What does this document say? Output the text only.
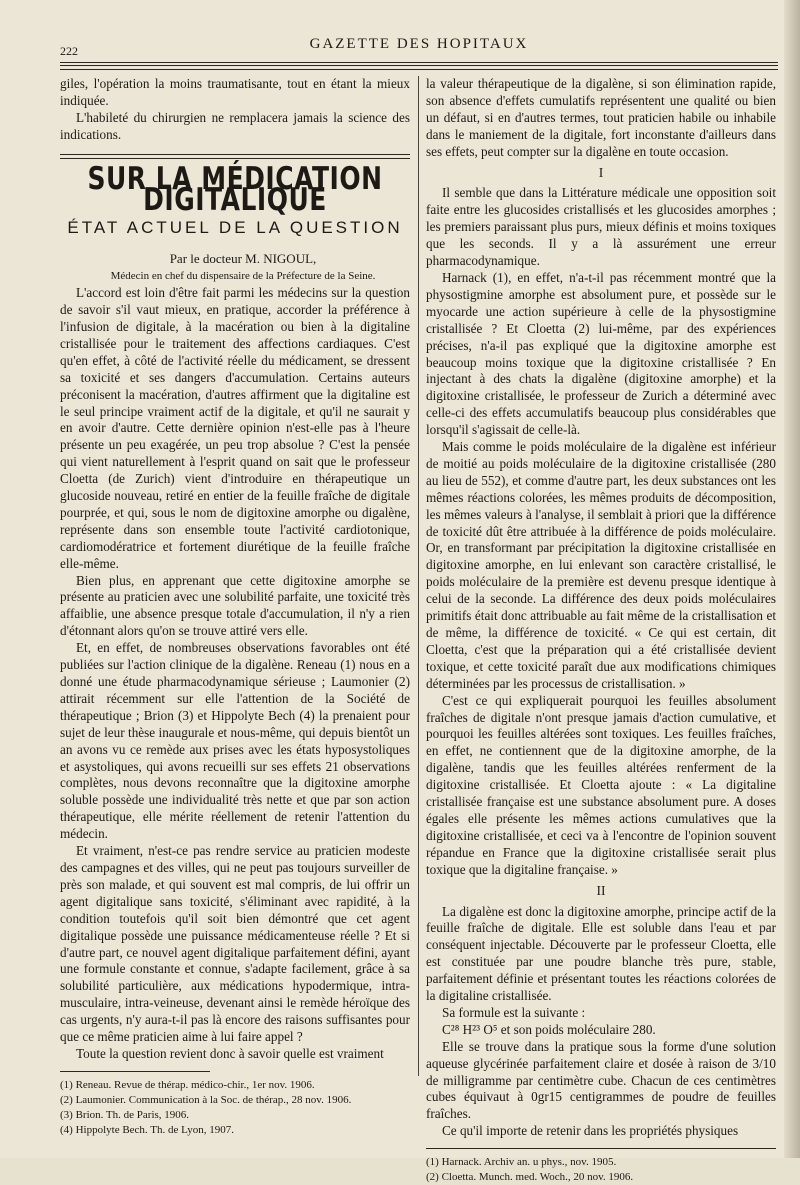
222	GAZETTE DES HOPITAUX

giles, l'opération la moins traumatisante, tout en étant la mieux indiquée.

L'habileté du chirurgien ne remplacera jamais la science des indications.

SUR LA MÉDICATION DIGITALIQUE
ÉTAT ACTUEL DE LA QUESTION

Par le docteur M. NIGOUL,

Médecin en chef du dispensaire de la Préfecture de la Seine.

L'accord est loin d'être fait parmi les médecins sur la question de savoir s'il vaut mieux, en pratique, accorder la préférence à l'infusion de digitale, à la macération ou bien à la digitaline cristallisée pour le traitement des affections cardiaques. C'est qu'en effet, à côté de l'activité réelle du médicament, se dressent sa toxicité et ses dangers d'accumulation. Certains auteurs préconisent la macération, d'autres affirment que la digitaline est le seul principe vraiment actif de la digitale, et qu'il ne saurait y en avoir d'autre. Cette dernière opinion n'est-elle pas à l'heure présente un peu exagérée, un peu trop absolue ? C'est la pensée qui vient naturellement à l'esprit quand on sait que le professeur Cloetta (de Zurich) vient d'introduire en thérapeutique un glucoside nouveau, retiré en entier de la feuille fraîche de digitale pourprée, et qui, sous le nom de digitoxine amorphe ou digalène, représente dans son ensemble toute l'activité cardiotonique, cardiomodératrice et fortement diurétique de la feuille fraîche elle-même.

Bien plus, en apprenant que cette digitoxine amorphe se présente au praticien avec une solubilité parfaite, une toxicité très affaiblie, une absence presque totale d'accumulation, il n'y a rien d'étonnant alors qu'on se trouve attiré vers elle.

Et, en effet, de nombreuses observations favorables ont été publiées sur l'action clinique de la digalène. Reneau (1) nous en a donné une étude pharmacodynamique sérieuse ; Laumonier (2) attirait récemment sur elle l'attention de la Société de thérapeutique ; Brion (3) et Hippolyte Bech (4) la prenaient pour sujet de leur thèse inaugurale et nous-même, qui depuis bientôt un an avons vu ce remède aux prises avec les états hyposystoliques et asystoliques, qui avons recueilli sur ses effets 21 observations complètes, nous devons reconnaître que la digitoxine amorphe soluble possède une individualité très nette et que par son action thérapeutique, elle mérite réellement de retenir l'attention du médecin.

Et vraiment, n'est-ce pas rendre service au praticien modeste des campagnes et des villes, qui ne peut pas toujours surveiller de près son malade, et qui souvent est mal compris, de lui offrir un agent digitalique sans toxicité, s'éliminant avec rapidité, à la condition toutefois qu'il soit bien démontré que cet agent digitalique possède une puissance médicamenteuse réelle ? Et si d'autre part, ce nouvel agent digitalique parfaitement défini, ayant une formule constante et connue, s'adapte facilement, grâce à sa solubilité particulière, aux médications hypodermique, intra-musculaire, intra-veineuse, devenant ainsi le remède héroïque des cas urgents, n'y aura-t-il pas là encore des raisons suffisantes pour que ce même praticien aime à lui faire appel ?

Toute la question revient donc à savoir quelle est vraiment

(1) Reneau. Revue de thérap. médico-chir., 1er nov. 1906.

(2) Laumonier. Communication à la Soc. de thérap., 28 nov. 1906.

(3) Brion. Th. de Paris, 1906.

(4) Hippolyte Bech. Th. de Lyon, 1907.

la valeur thérapeutique de la digalène, si son élimination rapide, son absence d'effets cumulatifs représentent une qualité ou bien un défaut, si en d'autres termes, tout praticien habile ou inhabile dans le maniement de la digitale, fort inconstante d'ailleurs dans ses effets, peut compter sur la digalène en toute occasion.

I

Il semble que dans la Littérature médicale une opposition soit faite entre les glucosides cristallisés et les glucosides amorphes ; les premiers paraissant plus purs, mieux définis et moins toxiques que les seconds. Il y a là assurément une erreur pharmacodynamique.

Harnack (1), en effet, n'a-t-il pas récemment montré que la physostigmine amorphe est absolument pure, et possède sur le myocarde une action supérieure à celle de la physostigmine cristallisée ? Et Cloetta (2) lui-même, par des expériences précises, n'a-il pas expliqué que la digitoxine amorphe est beaucoup moins toxique que la digitoxine cristallisée ? En injectant à des chats la digalène (digitoxine amorphe) et la digitoxine cristallisée, le professeur de Zurich a déterminé avec celle-ci des effets accumulatifs beaucoup plus considérables que lorsqu'il s'agissait de celle-là.

Mais comme le poids moléculaire de la digalène est inférieur de moitié au poids moléculaire de la digitoxine cristallisée (280 au lieu de 552), et comme d'autre part, les deux substances ont les mêmes réactions colorées, les mêmes produits de décomposition, les mêmes valeurs à l'analyse, il semblait à priori que la différence de toxicité dût être attribuée à la différence de poids moléculaire. Or, en transformant par précipitation la digitoxine cristallisée en digitoxine amorphe, en lui enlevant son caractère cristallisé, le poids moléculaire de la première est devenu presque identique à celui de la seconde. La différence des deux poids moléculaires primitifs était donc attribuable au fait même de la cristallisation et de même, la différence de toxicité. « Ce qui est certain, dit Cloetta, c'est que la préparation qui a été cristallisée devient toxique, et cette toxicité paraît due aux modifications chimiques déterminées par les processus de cristallisation. »

C'est ce qui expliquerait pourquoi les feuilles absolument fraîches de digitale n'ont presque jamais d'action cumulative, et pourquoi les feuilles altérées sont toxiques. Les feuilles fraîches, en effet, ne contiennent que de la digitoxine amorphe, de la digalène, tandis que les feuilles altérées renferment de la digitoxine cristallisée. Et Cloetta ajoute : « La digitaline cristallisée française est une substance absolument pure. A doses égales elle présente les mêmes actions cumulatives que la digitoxine cristallisée, et ceci va à l'encontre de l'opinion souvent répandue en France que la digitoxine cristallisée serait plus toxique que la digitaline française. »

II

La digalène est donc la digitoxine amorphe, principe actif de la feuille fraîche de digitale. Elle est soluble dans l'eau et par conséquent injectable. Découverte par le professeur Cloetta, elle est constituée par une poudre blanche très pure, stable, parfaitement définie et présentant toutes les réactions colorées de la digitaline cristallisée.

Sa formule est la suivante :

C²⁸ H²³ O⁵ et son poids moléculaire 280.

Elle se trouve dans la pratique sous la forme d'une solution aqueuse glycérinée parfaitement claire et dosée à raison de 3/10 de milligramme par centimètre cube. Chacun de ces centimètres cubes équivaut à 0gr15 centigrammes de poudre de feuilles fraîches.

Ce qu'il importe de retenir dans les propriétés physiques

(1) Harnack. Archiv an. u phys., nov. 1905.

(2) Cloetta. Munch. med. Woch., 20 nov. 1906.
